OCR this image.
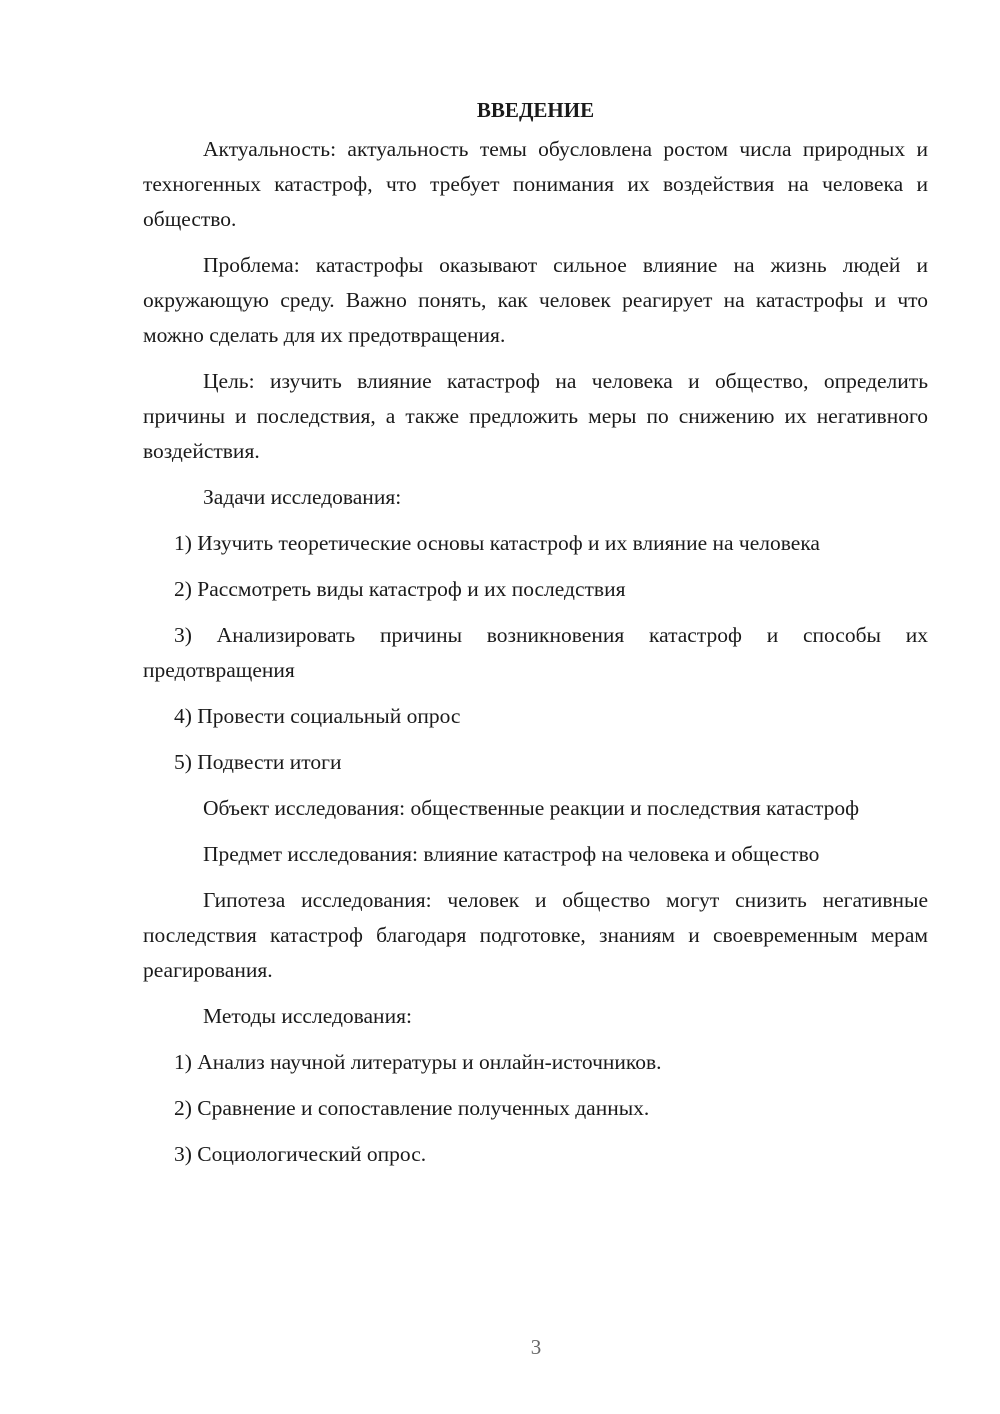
ВВЕДЕНИЕ

Актуальность: актуальность темы обусловлена ростом числа природных и техногенных катастроф, что требует понимания их воздействия на человека и общество.

Проблема: катастрофы оказывают сильное влияние на жизнь людей и окружающую среду. Важно понять, как человек реагирует на катастрофы и что можно сделать для их предотвращения.

Цель: изучить влияние катастроф на человека и общество, определить причины и последствия, а также предложить меры по снижению их негативного воздействия.

Задачи исследования:

1) Изучить теоретические основы катастроф и их влияние на человека

2) Рассмотреть виды катастроф и их последствия

3) Анализировать причины возникновения катастроф и способы их предотвращения

4) Провести социальный опрос

5) Подвести итоги

Объект исследования: общественные реакции и последствия катастроф

Предмет исследования: влияние катастроф на человека и общество

Гипотеза исследования: человек и общество могут снизить негативные последствия катастроф благодаря подготовке, знаниям и своевременным мерам реагирования.

Методы исследования:

1) Анализ научной литературы и онлайн-источников.

2) Сравнение и сопоставление полученных данных.

3) Социологический опрос.

3
